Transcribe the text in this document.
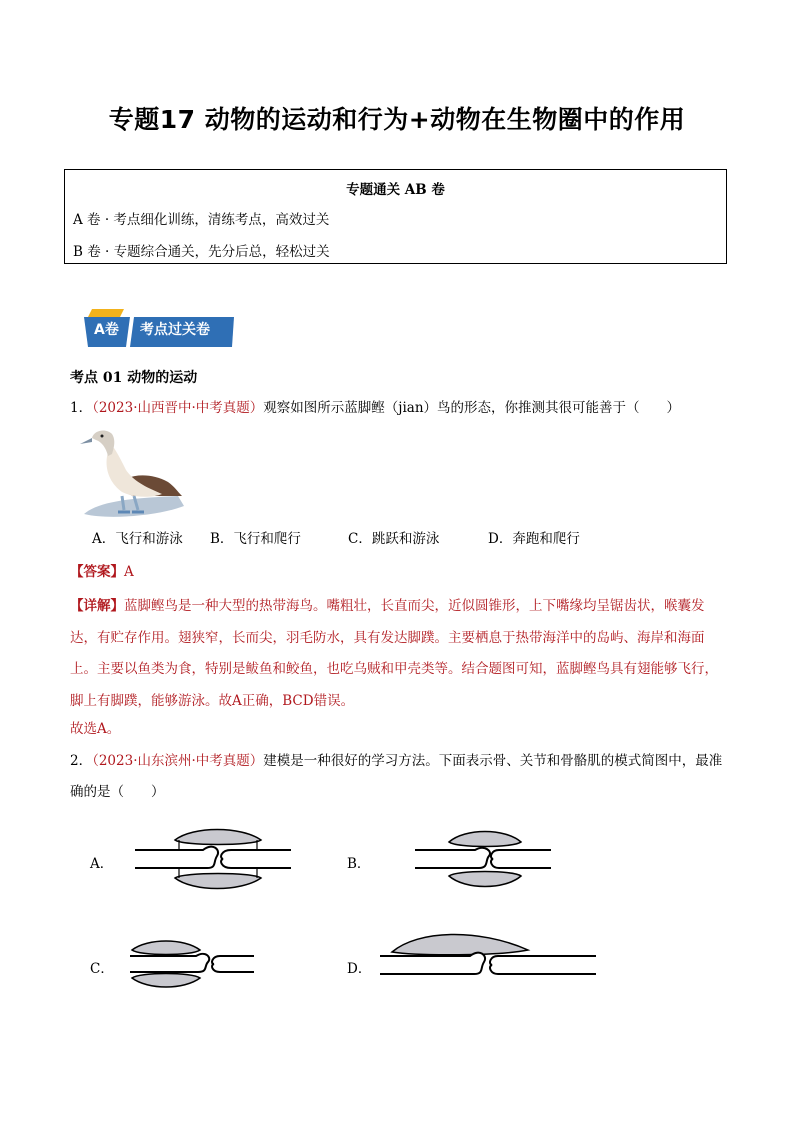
专题17 动物的运动和行为+动物在生物圈中的作用
专题通关 AB 卷
A 卷 · 考点细化训练，清练考点，高效过关
B 卷 · 专题综合通关，先分后总，轻松过关
A卷 考点过关卷
考点 01 动物的运动
1．（2023·山西晋中·中考真题）观察如图所示蓝脚鲣（jian）鸟的形态，你推测其很可能善于（　　）
A．飞行和游泳 B．飞行和爬行	C．跳跃和游泳	D．奔跑和爬行
【答案】A
【详解】蓝脚鲣鸟是一种大型的热带海鸟。嘴粗壮，长直而尖，近似圆锥形，上下嘴缘均呈锯齿状，喉囊发达，有贮存作用。翅狭窄，长而尖，羽毛防水，具有发达脚蹼。主要栖息于热带海洋中的岛屿、海岸和海面上。主要以鱼类为食，特别是鲅鱼和鲛鱼，也吃乌贼和甲壳类等。结合题图可知，蓝脚鲣鸟具有翅能够飞行，脚上有脚蹼，能够游泳。故A正确，BCD错误。
故选A。
2．（2023·山东滨州·中考真题）建模是一种很好的学习方法。下面表示骨、关节和骨骼肌的模式简图中，最准确的是（　　）
A．	B．
C．	D．
